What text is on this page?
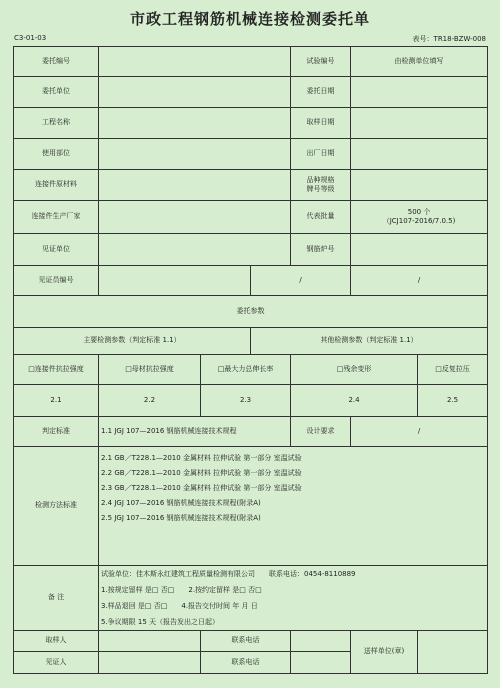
市政工程钢筋机械连接检测委托单
C3-01-03	表号：TR18-BZW-008
委托编号				试验编号	由检测单位填写	
委托单位				委托日期		
工程名称				取样日期		
使用部位				出厂日期		
连接件原材料				品种规格
牌号等级		

连接件生产厂家				代表批量	500 个
（JCJ107-2016/7.0.5)	

见证单位				钢筋炉号		
见证员编号			/		/	
委托参数						
主要检测参数（判定标准 1.1）			其他检测参数（判定标准 1.1）			
□连接件抗拉强度	□母材抗拉强度	□最大力总伸长率		□残余变形		□反复拉压
2.1	2.2	2.3		2.4		2.5
判定标准	1.1 JGJ 107—2016 钢筋机械连接技术规程			设计要求	/	
检测方法标准	2.1 GB／T228.1—2010 金属材料 拉伸试验 第一部分 室温试验
2.2 GB／T228.1—2010 金属材料 拉伸试验 第一部分 室温试验
2.3 GB／T228.1—2010 金属材料 拉伸试验 第一部分 室温试验
2.4 JGJ 107—2016 钢筋机械连接技术规程(附录A)
2.5 JGJ 107—2016 钢筋机械连接技术规程(附录A)					

备 注	试验单位：佳木斯永红建筑工程质量检测有限公司 联系电话：0454-8110889
1.按规定留样 是□ 否□ 2.按约定留样 是□ 否□
3.样品退回 是□ 否□ 4.报告交付时间 年 月 日
5.争议期限 15 天（报告发出之日起）					

取样人		联系电话			送样单位(章)	
见证人		联系电话				
